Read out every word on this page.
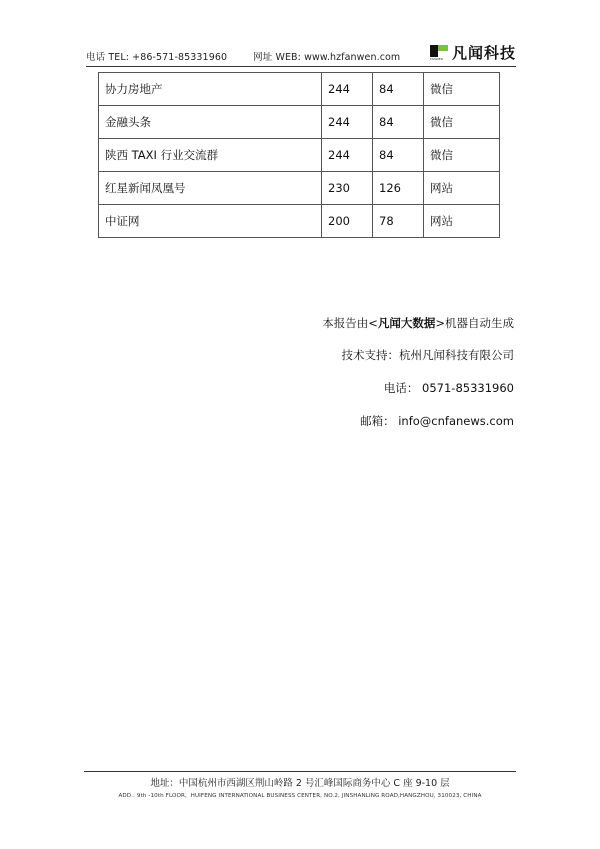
电话 TEL: +86-571-85331960	网址 WEB: www.hzfanwen.com	FANWEN 凡闻科技
协力房地产	244	84	微信
金融头条	244	84	微信
陕西 TAXI 行业交流群	244	84	微信
红星新闻凤凰号	230	126	网站
中证网	200	78	网站
本报告由<凡闻大数据>机器自动生成
技术支持：杭州凡闻科技有限公司
电话： 0571-85331960
邮箱： info@cnfanews.com
地址：中国杭州市西湖区荆山岭路 2 号汇峰国际商务中心 C 座 9-10 层
ADD.: 9th -10th FLOOR，HUIFENG INTERNATIONAL BUSINESS CENTER, NO.2, JINSHANLING ROAD,HANGZHOU, 310023, CHINA
